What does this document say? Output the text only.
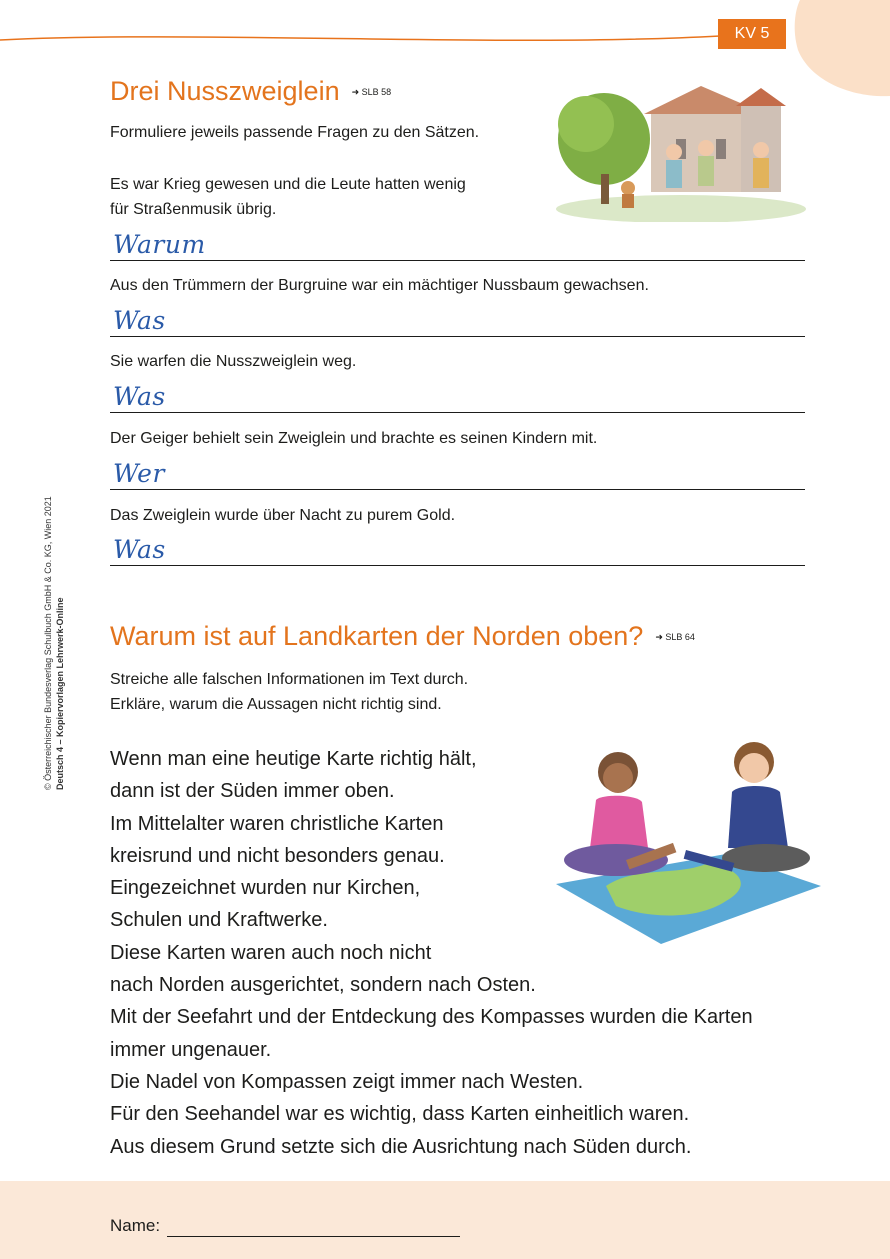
KV 5
Drei Nusszweiglein ➜ SLB 58
Formuliere jeweils passende Fragen zu den Sätzen.
Es war Krieg gewesen und die Leute hatten wenig
für Straßenmusik übrig.
Warum
Aus den Trümmern der Burgruine war ein mächtiger Nussbaum gewachsen.
Was
Sie warfen die Nusszweiglein weg.
Was
Der Geiger behielt sein Zweiglein und brachte es seinen Kindern mit.
Wer
Das Zweiglein wurde über Nacht zu purem Gold.
Was
Warum ist auf Landkarten der Norden oben? ➜ SLB 64
Streiche alle falschen Informationen im Text durch.
Erkläre, warum die Aussagen nicht richtig sind.
Wenn man eine heutige Karte richtig hält,
dann ist der Süden immer oben.
Im Mittelalter waren christliche Karten
kreisrund und nicht besonders genau.
Eingezeichnet wurden nur Kirchen,
Schulen und Kraftwerke.
Diese Karten waren auch noch nicht
nach Norden ausgerichtet, sondern nach Osten.
Mit der Seefahrt und der Entdeckung des Kompasses wurden die Karten
immer ungenauer.
Die Nadel von Kompassen zeigt immer nach Westen.
Für den Seehandel war es wichtig, dass Karten einheitlich waren.
Aus diesem Grund setzte sich die Ausrichtung nach Süden durch.
© Österreichischer Bundesverlag Schulbuch GmbH & Co. KG, Wien 2021 Deutsch 4 – Kopiervorlagen Lehrwerk-Online
Name:
